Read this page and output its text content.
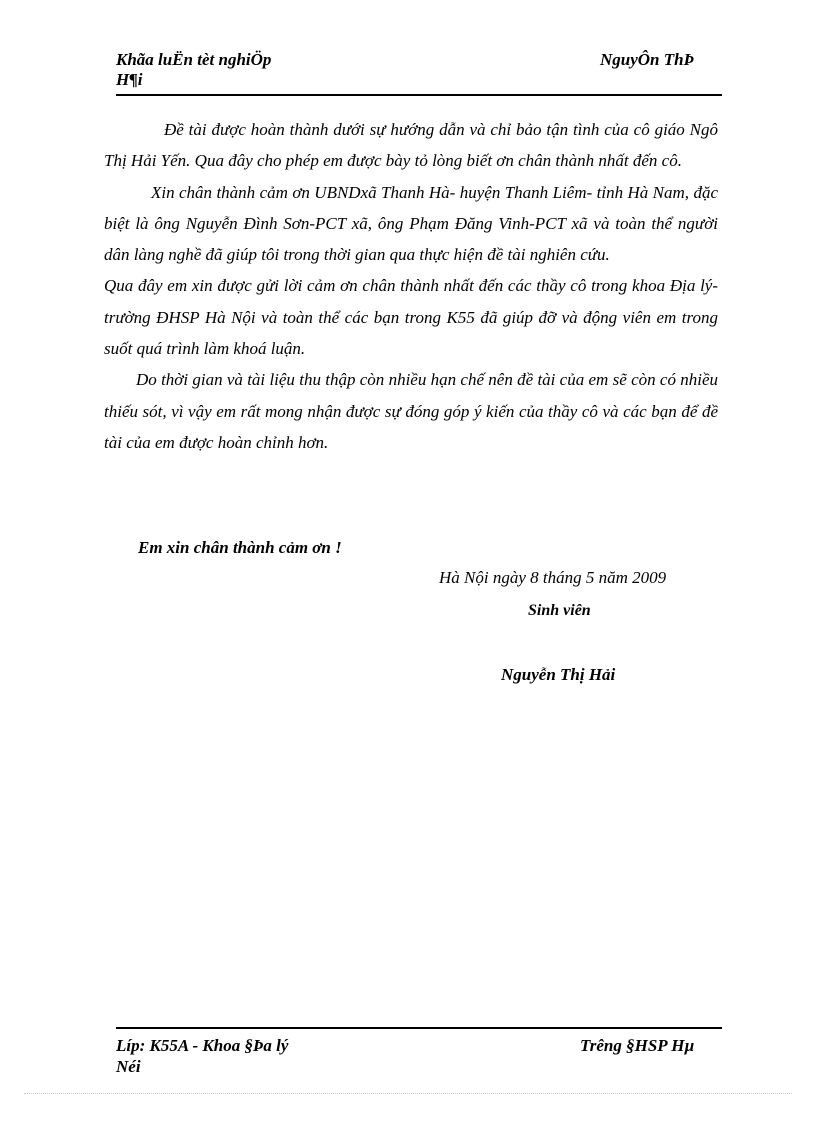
Khãa luËn tèt nghiÖp
H¶i
NguyÔn ThÞ

Đề tài được hoàn thành dưới sự hướng dẫn và chỉ bảo tận tình của cô giáo Ngô Thị Hải Yến. Qua đây cho phép em được bày tỏ lòng biết ơn chân thành nhất đến cô.

Xin chân thành cảm ơn UBNDxã Thanh Hà- huyện Thanh Liêm- tỉnh Hà Nam, đặc biệt là ông Nguyễn Đình Sơn-PCT xã, ông Phạm Đăng Vinh-PCT xã và toàn thể người dân làng nghề đã giúp tôi trong thời gian qua thực hiện đề tài nghiên cứu.

Qua đây em xin được gửi lời cảm ơn chân thành nhất đến các thầy cô trong khoa Địa lý-trường ĐHSP Hà Nội và toàn thể các bạn trong K55 đã giúp đỡ và động viên em trong suốt quá trình làm khoá luận.

Do thời gian và tài liệu thu thập còn nhiều hạn chế nên đề tài của em sẽ còn có nhiều thiếu sót, vì vậy em rất mong nhận được sự đóng góp ý kiến của thầy cô và các bạn để đề tài của em được hoàn chỉnh hơn.

Em xin chân thành cảm ơn !
Hà Nội ngày 8 tháng 5 năm 2009
Sinh viên
Nguyễn Thị Hải
Líp: K55A - Khoa §Þa lý
Néi
Trêng §HSP Hµ
